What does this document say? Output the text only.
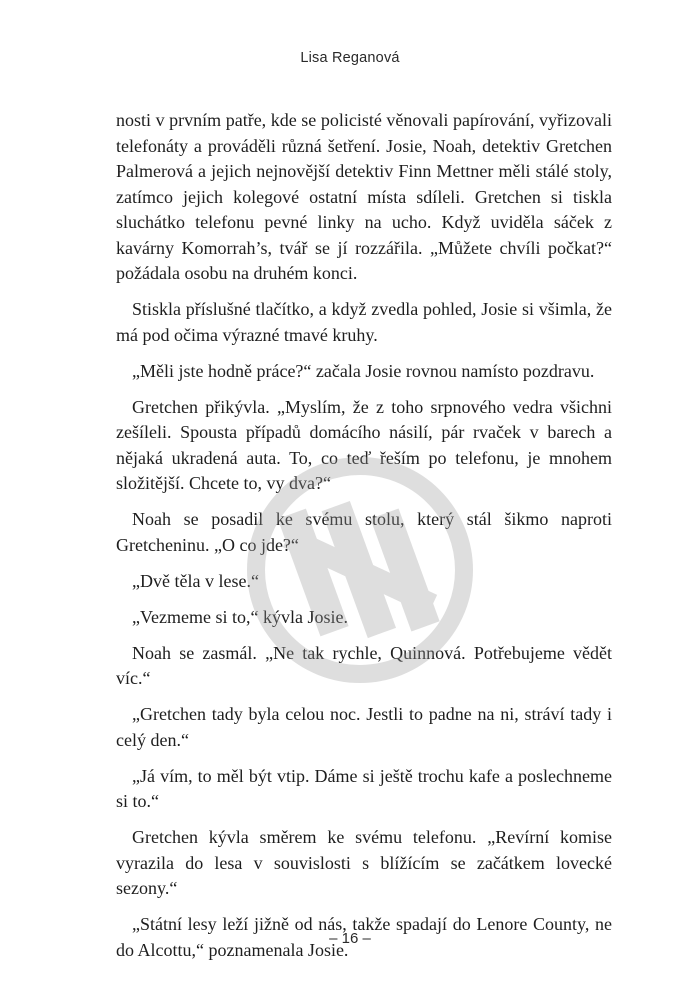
Lisa Reganová

nosti v prvním patře, kde se policisté věnovali papírování, vyřizovali telefonáty a prováděli různá šetření. Josie, Noah, detektiv Gretchen Palmerová a jejich nejnovější detektiv Finn Mettner měli stálé stoly, zatímco jejich kolegové ostatní místa sdíleli. Gretchen si tiskla sluchátko telefonu pevné linky na ucho. Když uviděla sáček z kavárny Komorrah’s, tvář se jí rozzářila. „Můžete chvíli počkat?“ požádala osobu na druhém konci.

Stiskla příslušné tlačítko, a když zvedla pohled, Josie si všimla, že má pod očima výrazné tmavé kruhy.

„Měli jste hodně práce?“ začala Josie rovnou namísto pozdravu.

Gretchen přikývla. „Myslím, že z toho srpnového vedra všichni zešíleli. Spousta případů domácího násilí, pár rvaček v barech a nějaká ukradená auta. To, co teď řeším po telefonu, je mnohem složitější. Chcete to, vy dva?“

Noah se posadil ke svému stolu, který stál šikmo naproti Gretcheninu. „O co jde?“

„Dvě těla v lese.“

„Vezmeme si to,“ kývla Josie.

Noah se zasmál. „Ne tak rychle, Quinnová. Potřebujeme vědět víc.“

„Gretchen tady byla celou noc. Jestli to padne na ni, stráví tady i celý den.“

„Já vím, to měl být vtip. Dáme si ještě trochu kafe a poslechneme si to.“

Gretchen kývla směrem ke svému telefonu. „Revírní komise vyrazila do lesa v souvislosti s blížícím se začátkem lovecké sezony.“

„Státní lesy leží jižně od nás, takže spadají do Lenore County, ne do Alcottu,“ poznamenala Josie.

– 16 –
